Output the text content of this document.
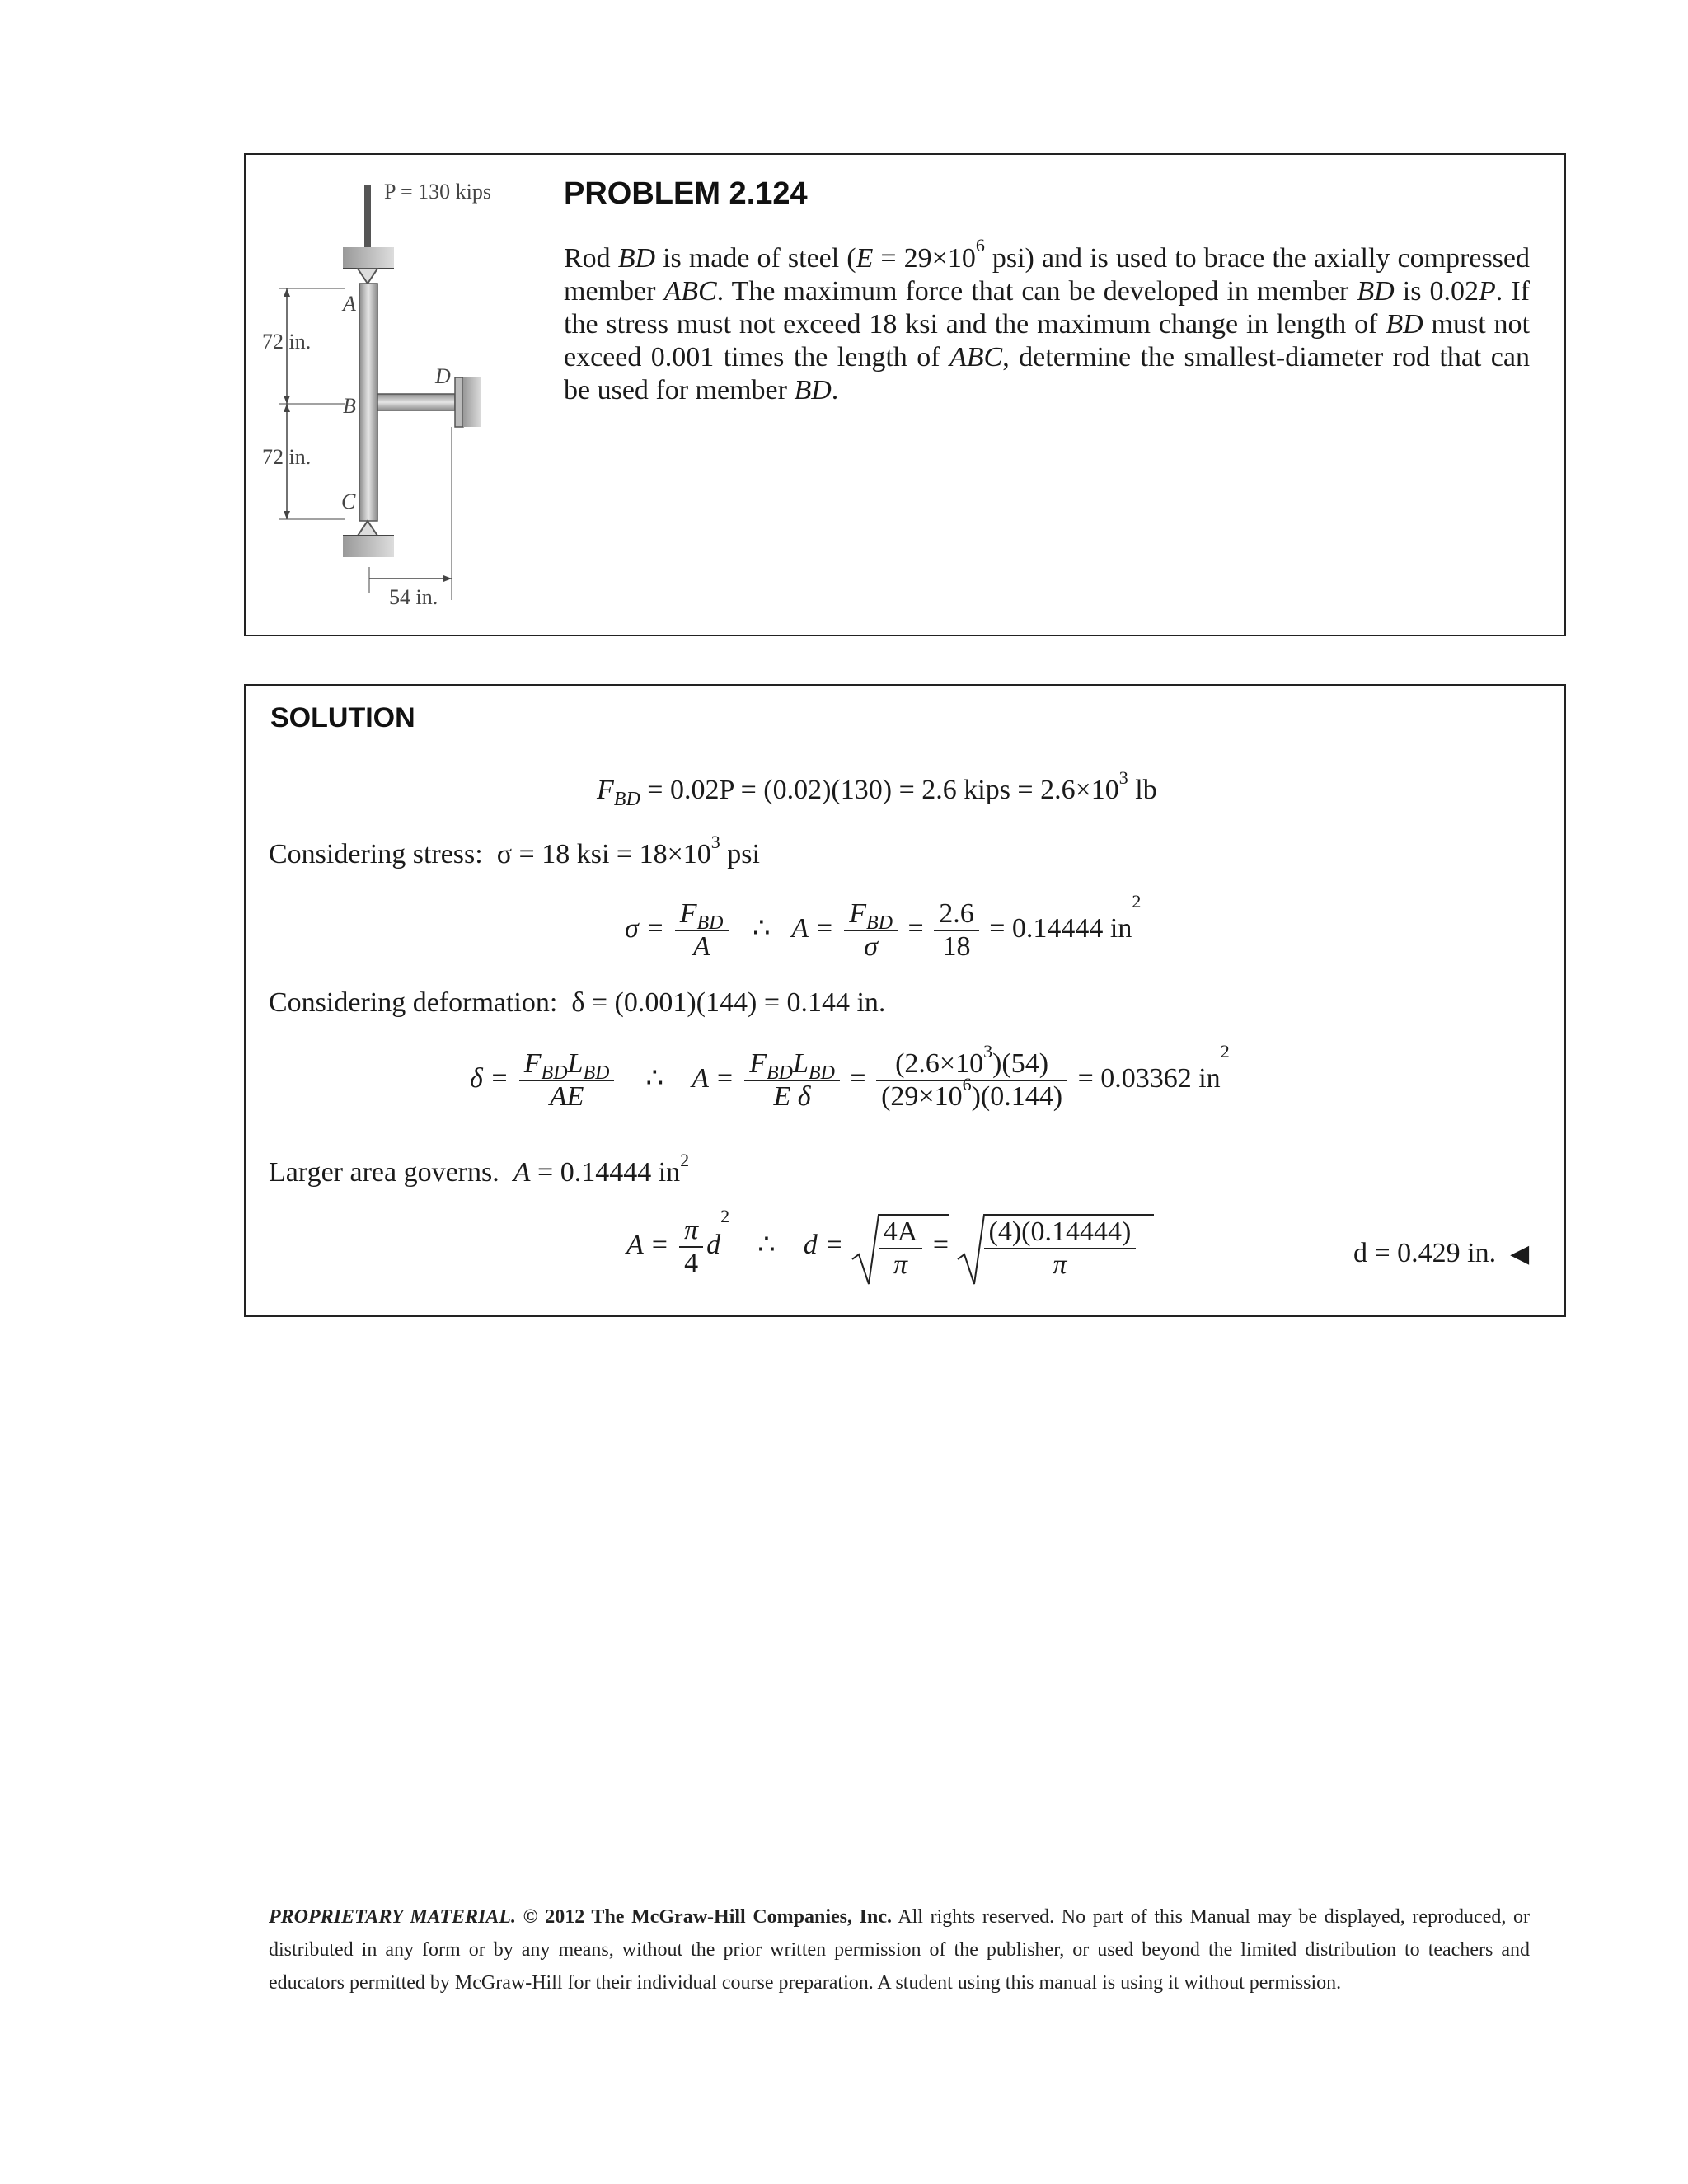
P = 130 kips
A
B
C
D
72 in.
72 in.
54 in.
PROBLEM 2.124
Rod BD is made of steel ($E = 29\times 10^6$ psi) and is used to brace the axially compressed member ABC. The maximum force that can be developed in member BD is 0.02P. If the stress must not exceed 18 ksi and the maximum change in length of BD must not exceed 0.001 times the length of ABC, determine the smallest-diameter rod that can be used for member BD.
SOLUTION
$F_{BD} = 0.02P = (0.02)(130) = 2.6$ kips = $2.6\times 10^3$ lb
Considering stress: σ = 18 ksi = $18\times 10^3$ psi
$\sigma = \frac{F_{BD}}{A}$ ∴ $A = \frac{F_{BD}}{\sigma} = \frac{2.6}{18} = 0.14444$ $in^2$
Considering deformation: δ = (0.001)(144) = 0.144 in.
$\delta = \frac{F_{BD}L_{BD}}{AE}$ ∴ $A = \frac{F_{BD}L_{BD}}{\text{E δ}} = \frac{(2.6\times 10^3)(54)}{(29\times 10^6)(0.144)} = 0.03362$ $in^2$
Larger area governs. A = 0.14444 $in^2$
$A = \frac{\pi}{4} d^2$    ∴ $d = \frac{4A}{\pi} = \frac{(4)(0.14444)}{\pi}$	d = 0.429 in. ◀
PROPRIETARY MATERIAL. © 2012 The McGraw-Hill Companies, Inc. All rights reserved. No part of this Manual may be displayed, reproduced, or distributed in any form or by any means, without the prior written permission of the publisher, or used beyond the limited distribution to teachers and educators permitted by McGraw-Hill for their individual course preparation. A student using this manual is using it without permission.
